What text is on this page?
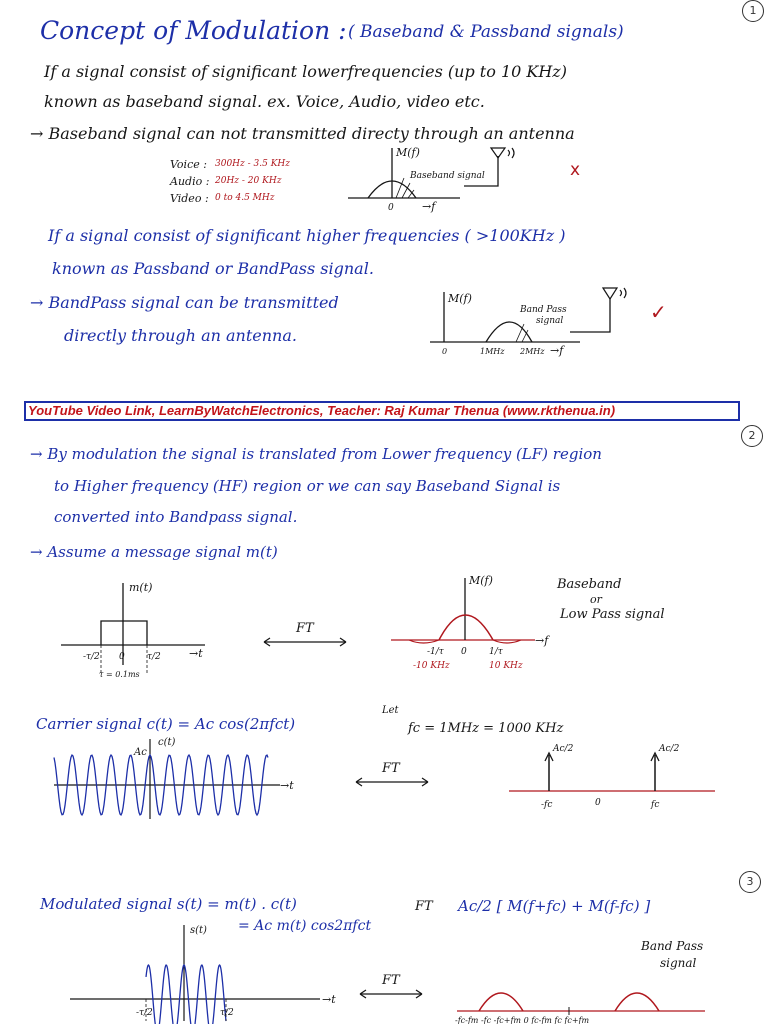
1
2
3
Concept of Modulation : ( Baseband & Passband signals)
If a signal consist of significant lowerfrequencies (up to 10 KHz)
known as baseband signal. ex. Voice, Audio, video etc.
→ Baseband signal can not transmitted directy through an antenna
Voice : 300Hz - 3.5 KHz
Audio : 20Hz - 20 KHz
Video : 0 to 4.5 MHz
M(f)
0	→f
Baseband signal	x
If a signal consist of significant higher frequencies ( >100KHz )
known as Passband or BandPass signal.
→ BandPass signal can be transmitted
directly through an antenna.
M(f)
Band Pass
signal
0	1MHz 2MHz →f
✓
YouTube Video Link, LearnByWatchElectronics, Teacher: Raj Kumar Thenua (www.rkthenua.in)
→ By modulation the signal is translated from Lower frequency (LF) region
to Higher frequency (HF) region or we can say Baseband Signal is
converted into Bandpass signal.
→ Assume a message signal m(t)
m(t)
-τ/2 0 τ/2	→t
τ = 0.1ms
FT
M(f)
-1/τ 0 1/τ
→f
-10 KHz	10 KHz
Baseband
or
Low Pass signal
Carrier signal c(t) = Ac cos(2πfct)
Let
fc = 1MHz = 1000 KHz
c(t)
Ac
→t
FT
Ac/2	Ac/2
-fc	0	fc
Modulated signal s(t) = m(t) . c(t)
= Ac m(t) cos2πfct
FT Ac/2 [ M(f+fc) + M(f-fc) ]
Band Pass
signal
s(t)
-τ/2	τ/2
→t
FT
-fc-fm -fc -fc+fm 0 fc-fm fc fc+fm
